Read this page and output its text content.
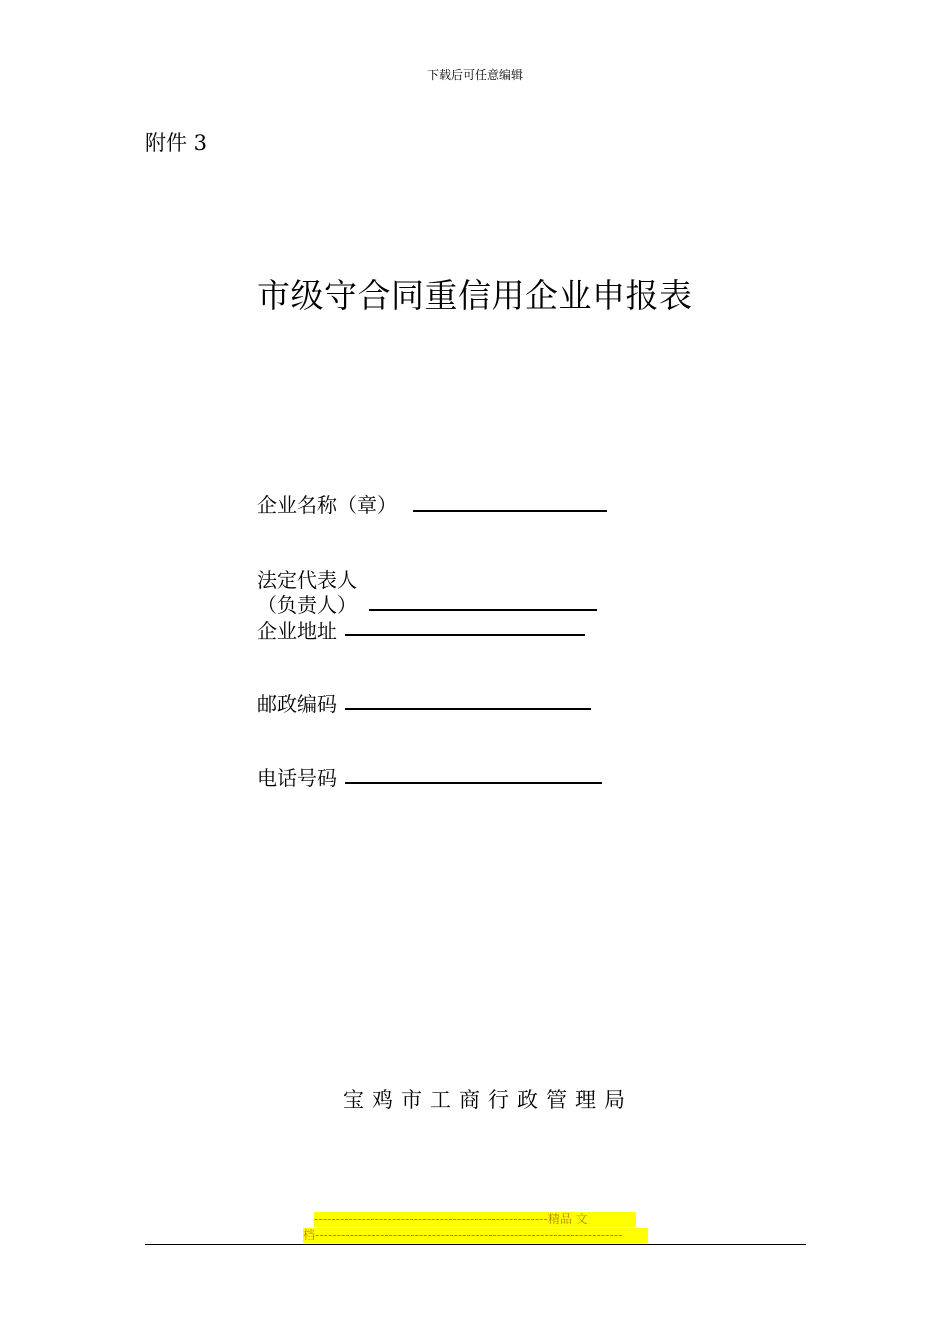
下载后可任意编辑
附件 3
市级守合同重信用企业申报表
企业名称（章）
法定代表人
（负责人）
企业地址
邮政编码
电话号码
宝鸡市工商行政管理局
------------------------------------------------------精品 文
档-----------------------------------------------------------------------
